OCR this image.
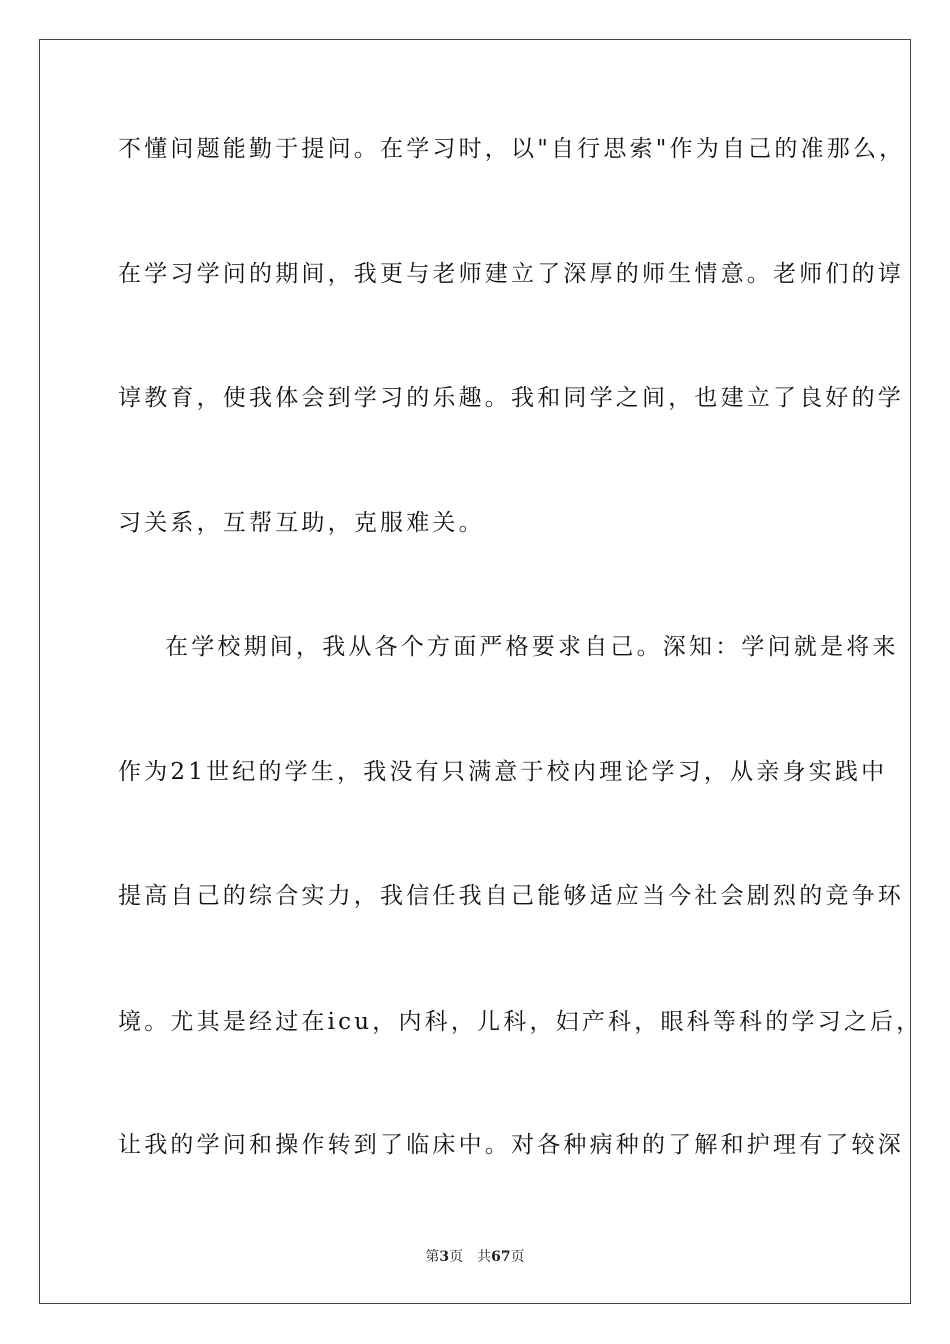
不懂问题能勤于提问。在学习时，以"自行思索"作为自己的准那么，
在学习学问的期间，我更与老师建立了深厚的师生情意。老师们的谆
谆教育，使我体会到学习的乐趣。我和同学之间，也建立了良好的学
习关系，互帮互助，克服难关。
在学校期间，我从各个方面严格要求自己。深知：学问就是将来
作为21世纪的学生，我没有只满意于校内理论学习，从亲身实践中
提高自己的综合实力，我信任我自己能够适应当今社会剧烈的竞争环
境。尤其是经过在icu，内科，儿科，妇产科，眼科等科的学习之后，
让我的学问和操作转到了临床中。对各种病种的了解和护理有了较深
第3页 共67页
